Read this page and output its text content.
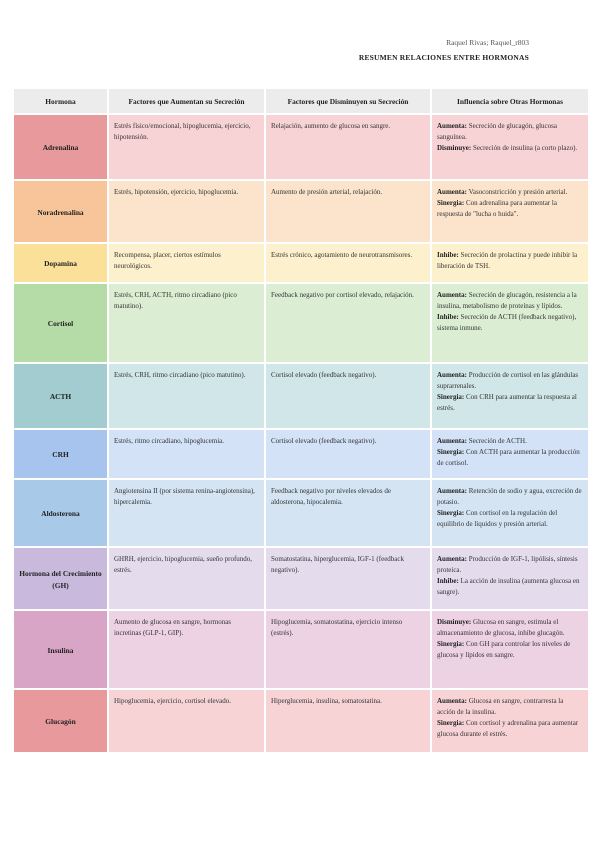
Raquel Rivas; Raquel_r803
RESUMEN RELACIONES ENTRE HORMONAS
Hormona	Factores que Aumentan su Secreción	Factores que Disminuyen su Secreción	Influencia sobre Otras Hormonas
Adrenalina	Estrés físico/emocional, hipoglucemia, ejercicio, hipotensión.	Relajación, aumento de glucosa en sangre.	Aumenta: Secreción de glucagón, glucosa sanguínea.
Disminuye: Secreción de insulina (a corto plazo).

Noradrenalina	Estrés, hipotensión, ejercicio, hipoglucemia.	Aumento de presión arterial, relajación.	Aumenta: Vasoconstricción y presión arterial.
Sinergia: Con adrenalina para aumentar la respuesta de "lucha o huida".

Dopamina	Recompensa, placer, ciertos estímulos neurológicos.	Estrés crónico, agotamiento de neurotransmisores.	Inhibe: Secreción de prolactina y puede inhibir la liberación de TSH.

Cortisol	Estrés, CRH, ACTH, ritmo circadiano (pico matutino).	Feedback negativo por cortisol elevado, relajación.	Aumenta: Secreción de glucagón, resistencia a la insulina, metabolismo de proteínas y lípidos.
Inhibe: Secreción de ACTH (feedback negativo), sistema inmune.

ACTH	Estrés, CRH, ritmo circadiano (pico matutino).	Cortisol elevado (feedback negativo).	Aumenta: Producción de cortisol en las glándulas suprarrenales.
Sinergia: Con CRH para aumentar la respuesta al estrés.

CRH	Estrés, ritmo circadiano, hipoglucemia.	Cortisol elevado (feedback negativo).	Aumenta: Secreción de ACTH.
Sinergia: Con ACTH para aumentar la producción de cortisol.

Aldosterona	Angiotensina II (por sistema renina-angiotensina), hipercalemia.	Feedback negativo por niveles elevados de aldosterona, hipocalemia.	Aumenta: Retención de sodio y agua, excreción de potasio.
Sinergia: Con cortisol en la regulación del equilibrio de líquidos y presión arterial.

Hormona del Crecimiento (GH)	GHRH, ejercicio, hipoglucemia, sueño profundo, estrés.	Somatostatina, hiperglucemia, IGF-1 (feedback negativo).	Aumenta: Producción de IGF-1, lipólisis, síntesis proteica.
Inhibe: La acción de insulina (aumenta glucosa en sangre).

Insulina	Aumento de glucosa en sangre, hormonas incretinas (GLP-1, GIP).	Hipoglucemia, somatostatina, ejercicio intenso (estrés).	Disminuye: Glucosa en sangre, estimula el almacenamiento de glucosa, inhibe glucagón.
Sinergia: Con GH para controlar los niveles de glucosa y lípidos en sangre.

Glucagón	Hipoglucemia, ejercicio, cortisol elevado.	Hiperglucemia, insulina, somatostatina.	Aumenta: Glucosa en sangre, contrarresta la acción de la insulina.
Sinergia: Con cortisol y adrenalina para aumentar glucosa durante el estrés.
